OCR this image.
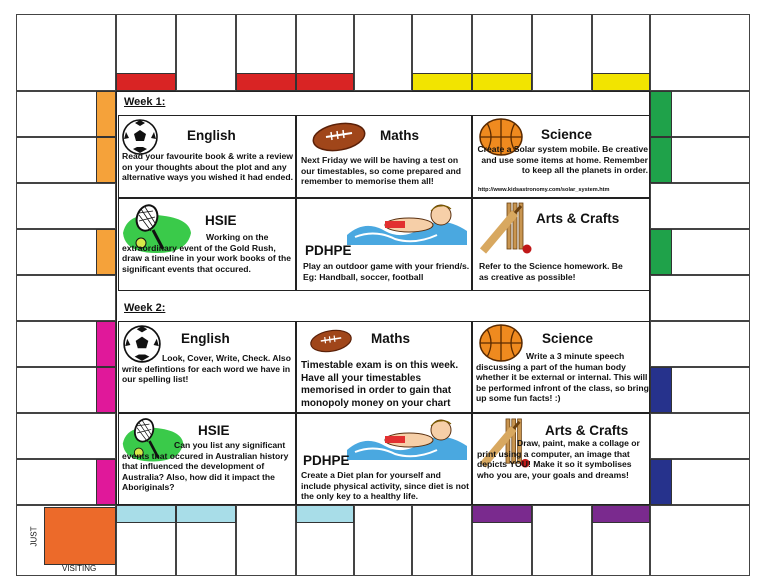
JUST
VISITING
Week 1:
Week 2:
English
Read your favourite book & write a review on your thoughts about the plot and any alternative ways you wished it had ended.
Maths
Next Friday we will be having a test on our timestables, so come prepared and remember to memorise them all!
Science
Create a Solar system mobile. Be creative and use some items at home. Remember to keep all the planets in order.
http://www.kidsastronomy.com/solar_system.htm
HSIE
Working on the extraordinary event of the Gold Rush, draw a timeline in your work books of the significant events that occured.
PDHPE
Play an outdoor game with your friend/s. Eg: Handball, soccer, football
Arts & Crafts
Refer to the Science homework. Be as creative as possible!
English
Look, Cover, Write, Check. Also write defintions for each word we have in our spelling list!
Maths
Timestable exam is on this week. Have all your timestables memorised in order to gain that monopoly money on your chart
Science
Write a 3 minute speech discussing a part of the human body whether it be external or internal. This will be performed infront of the class, so bring up some fun facts! :)
HSIE
Can you list any significant events that occured in Australian history that influenced the development of Australia? Also, how did it impact the Aboriginals?
PDHPE
Create a Diet plan for yourself and include physical activity, since diet is not the only key to a healthy life.
Arts & Crafts
Draw, paint, make a collage or print using a computer, an image that depicts YOU! Make it so it symbolises who you are, your goals and dreams!
